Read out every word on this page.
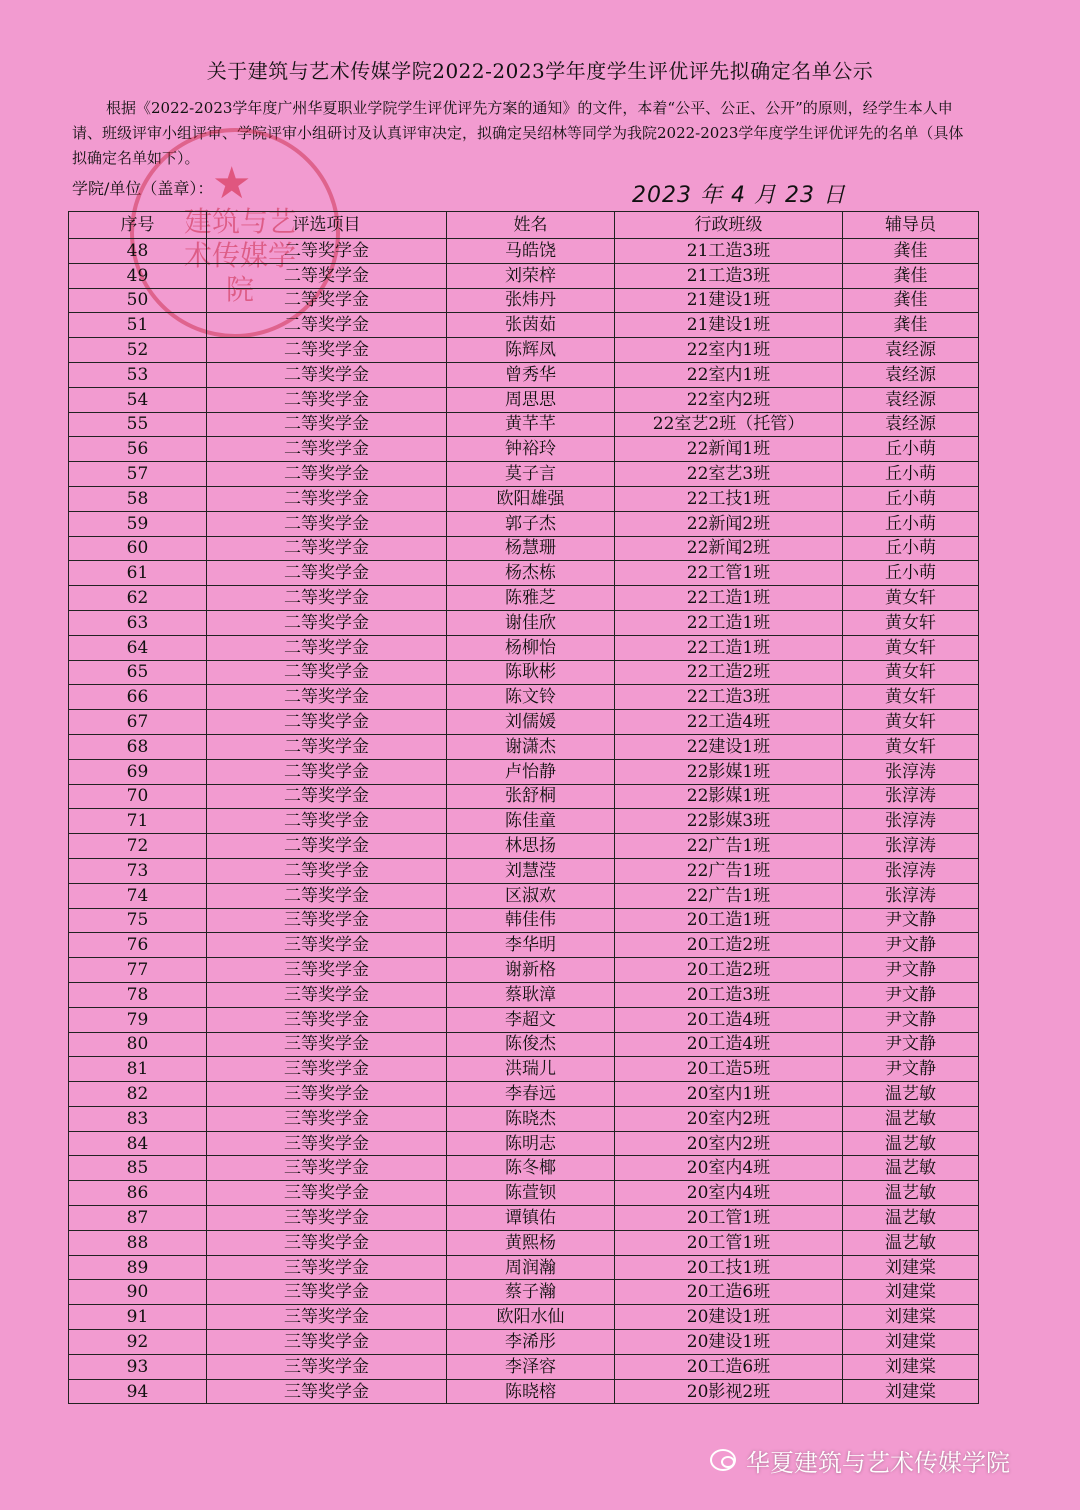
关于建筑与艺术传媒学院2022-2023学年度学生评优评先拟确定名单公示

根据《2022-2023学年度广州华夏职业学院学生评优评先方案的通知》的文件，本着“公平、公正、公开”的原则，经学生本人申请、班级评审小组评审、学院评审小组研讨及认真评审决定，拟确定吴绍林等同学为我院2022-2023学年度学生评优评先的名单（具体拟确定名单如下）。

学院/单位（盖章）：	2023 年 4 月 23 日
★
建筑与艺术传媒学院
序号	评选项目	姓名	行政班级	辅导员
48	二等奖学金	马皓饶	21工造3班	龚佳
49	二等奖学金	刘荣梓	21工造3班	龚佳
50	二等奖学金	张炜丹	21建设1班	龚佳
51	二等奖学金	张茵茹	21建设1班	龚佳
52	二等奖学金	陈辉凤	22室内1班	袁经源
53	二等奖学金	曾秀华	22室内1班	袁经源
54	二等奖学金	周思思	22室内2班	袁经源
55	二等奖学金	黄芊芊	22室艺2班（托管）	袁经源
56	二等奖学金	钟裕玲	22新闻1班	丘小萌
57	二等奖学金	莫子言	22室艺3班	丘小萌
58	二等奖学金	欧阳雄强	22工技1班	丘小萌
59	二等奖学金	郭子杰	22新闻2班	丘小萌
60	二等奖学金	杨慧珊	22新闻2班	丘小萌
61	二等奖学金	杨杰栋	22工管1班	丘小萌
62	二等奖学金	陈雅芝	22工造1班	黄女轩
63	二等奖学金	谢佳欣	22工造1班	黄女轩
64	二等奖学金	杨柳怡	22工造1班	黄女轩
65	二等奖学金	陈耿彬	22工造2班	黄女轩
66	二等奖学金	陈文铃	22工造3班	黄女轩
67	二等奖学金	刘儒媛	22工造4班	黄女轩
68	二等奖学金	谢潇杰	22建设1班	黄女轩
69	二等奖学金	卢怡静	22影媒1班	张淳涛
70	二等奖学金	张舒桐	22影媒1班	张淳涛
71	二等奖学金	陈佳童	22影媒3班	张淳涛
72	二等奖学金	林思扬	22广告1班	张淳涛
73	二等奖学金	刘慧滢	22广告1班	张淳涛
74	二等奖学金	区淑欢	22广告1班	张淳涛
75	三等奖学金	韩佳伟	20工造1班	尹文静
76	三等奖学金	李华明	20工造2班	尹文静
77	三等奖学金	谢新格	20工造2班	尹文静
78	三等奖学金	蔡耿漳	20工造3班	尹文静
79	三等奖学金	李超文	20工造4班	尹文静
80	三等奖学金	陈俊杰	20工造4班	尹文静
81	三等奖学金	洪瑞儿	20工造5班	尹文静
82	三等奖学金	李春远	20室内1班	温艺敏
83	三等奖学金	陈晓杰	20室内2班	温艺敏
84	三等奖学金	陈明志	20室内2班	温艺敏
85	三等奖学金	陈冬椰	20室内4班	温艺敏
86	三等奖学金	陈萱钡	20室内4班	温艺敏
87	三等奖学金	谭镇佑	20工管1班	温艺敏
88	三等奖学金	黄熙杨	20工管1班	温艺敏
89	三等奖学金	周润瀚	20工技1班	刘建棠
90	三等奖学金	蔡子瀚	20工造6班	刘建棠
91	三等奖学金	欧阳水仙	20建设1班	刘建棠
92	三等奖学金	李浠彤	20建设1班	刘建棠
93	三等奖学金	李泽容	20工造6班	刘建棠
94	三等奖学金	陈晓榕	20影视2班	刘建棠
华夏建筑与艺术传媒学院
